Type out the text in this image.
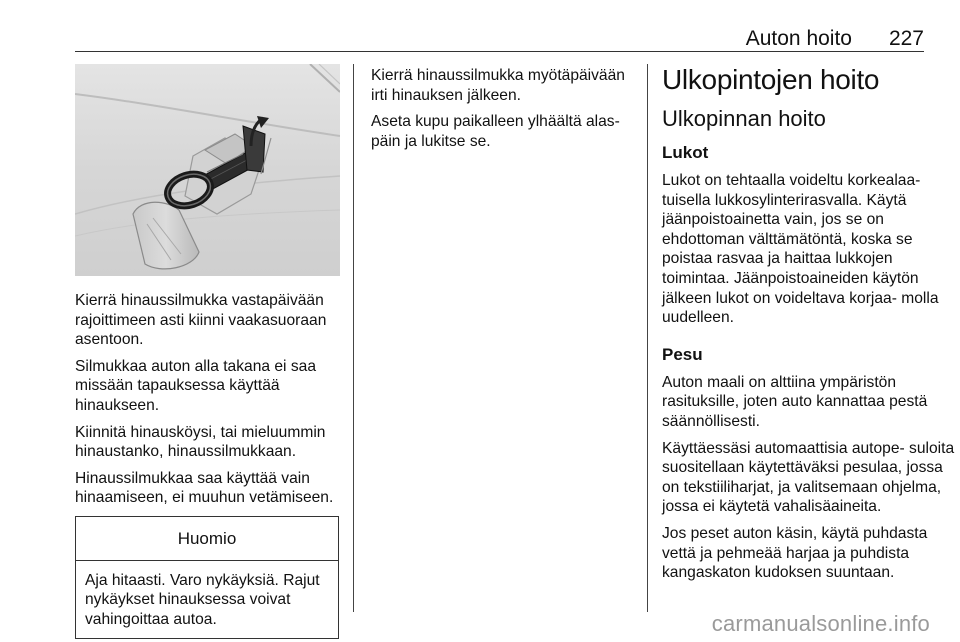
Auton hoito 227

Kierrä hinaussilmukka vastapäivään rajoittimeen asti kiinni vaakasuoraan asentoon.

Silmukkaa auton alla takana ei saa missään tapauksessa käyttää hinaukseen.

Kiinnitä hinausköysi, tai mieluummin hinaustanko, hinaussilmukkaan.

Hinaussilmukkaa saa käyttää vain hinaamiseen, ei muuhun vetämiseen.

Huomio
Aja hitaasti. Varo nykäyksiä. Rajut nykäykset hinauksessa voivat vahingoittaa autoa.

Kierrä hinaussilmukka myötäpäivään irti hinauksen jälkeen.

Aseta kupu paikalleen ylhäältä alas- päin ja lukitse se.

Ulkopintojen hoito
Ulkopinnan hoito
Lukot

Lukot on tehtaalla voideltu korkealaa- tuisella lukkosylinterirasvalla. Käytä jäänpoistoainetta vain, jos se on ehdottoman välttämätöntä, koska se poistaa rasvaa ja haittaa lukkojen toimintaa. Jäänpoistoaineiden käytön jälkeen lukot on voideltava korjaa- molla uudelleen.

Pesu

Auton maali on alttiina ympäristön rasituksille, joten auto kannattaa pestä säännöllisesti.

Käyttäessäsi automaattisia autope- suloita suositellaan käytettäväksi pesulaa, jossa on tekstiiliharjat, ja valitsemaan ohjelma, jossa ei käytetä vahalisäaineita.

Jos peset auton käsin, käytä puhdasta vettä ja pehmeää harjaa ja puhdista kangaskaton kudoksen suuntaan.

carmanualsonline.info
